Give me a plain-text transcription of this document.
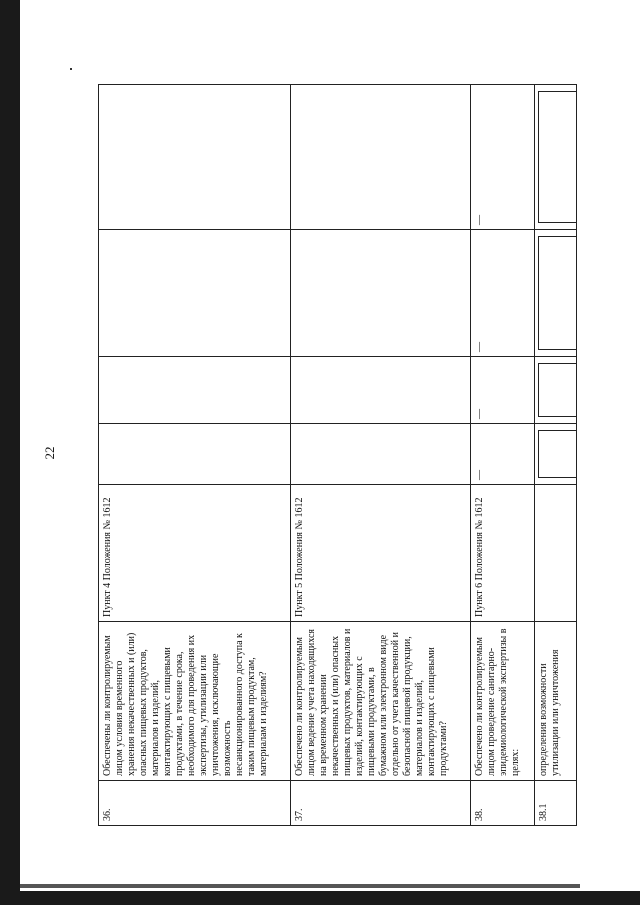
22
36.	Обеспечены ли контролируемым лицом условия временного хранения некачественных и (или) опасных пищевых продуктов, материалов и изделий, контактирующих с пищевыми продуктами, в течение срока, необходимого для проведения их экспертизы, утилизации или уничтожения, исключающие возможность несанкционированного доступа к таким пищевым продуктам, материалам и изделиям?	Пункт 4 Положения № 1612				
37.	Обеспечено ли контролируемым лицом ведение учета находящихся на временном хранении некачественных и (или) опасных пищевых продуктов, материалов и изделий, контактирующих с пищевыми продуктами, в бумажном или электронном виде отдельно от учета качественной и безопасной пищевой продукции, материалов и изделий, контактирующих с пищевыми продуктами?	Пункт 5 Положения № 1612				
38.	Обеспечено ли контролируемым лицом проведение санитарно-эпидемиологической экспертизы в целях:	Пункт 6 Положения № 1612	—	—	—	—
38.1	определения возможности утилизации или уничтожения		
